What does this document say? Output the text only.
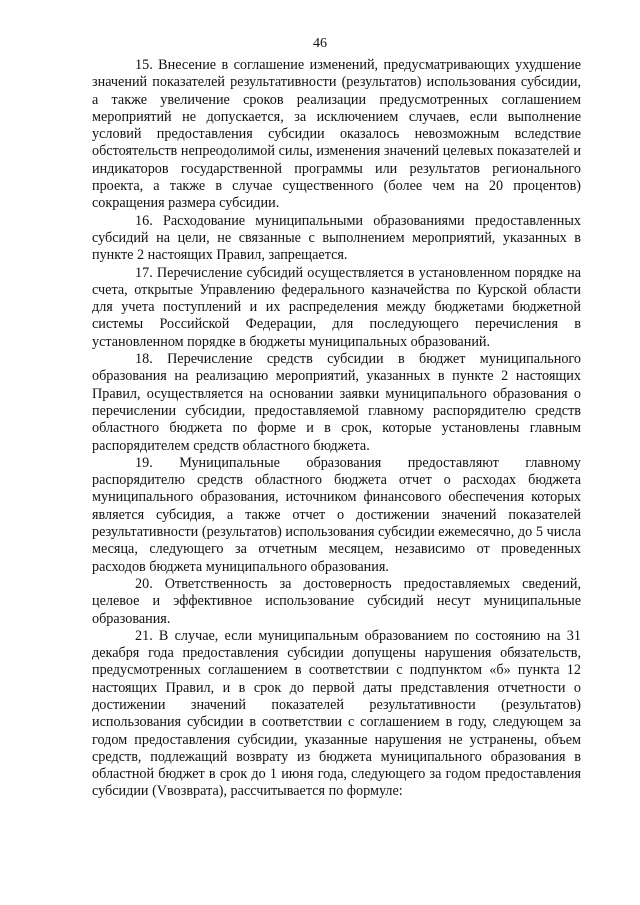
46

15. Внесение в соглашение изменений, предусматривающих ухудшение значений показателей результативности (результатов) использования субсидии, а также увеличение сроков реализации предусмотренных соглашением мероприятий не допускается, за исключением случаев, если выполнение условий предоставления субсидии оказалось невозможным вследствие обстоятельств непреодолимой силы, изменения значений целевых показателей и индикаторов государственной программы или результатов регионального проекта, а также в случае существенного (более чем на 20 процентов) сокращения размера субсидии.

16. Расходование муниципальными образованиями предоставленных субсидий на цели, не связанные с выполнением мероприятий, указанных в пункте 2 настоящих Правил, запрещается.

17. Перечисление субсидий осуществляется в установленном порядке на счета, открытые Управлению федерального казначейства по Курской области для учета поступлений и их распределения между бюджетами бюджетной системы Российской Федерации, для последующего перечисления в установленном порядке в бюджеты муниципальных образований.

18. Перечисление средств субсидии в бюджет муниципального образования на реализацию мероприятий, указанных в пункте 2 настоящих Правил, осуществляется на основании заявки муниципального образования о перечислении субсидии, предоставляемой главному распорядителю средств областного бюджета по форме и в срок, которые установлены главным распорядителем средств областного бюджета.

19. Муниципальные образования предоставляют главному распорядителю средств областного бюджета отчет о расходах бюджета муниципального образования, источником финансового обеспечения которых является субсидия, а также отчет о достижении значений показателей результативности (результатов) использования субсидии ежемесячно, до 5 числа месяца, следующего за отчетным месяцем, независимо от проведенных расходов бюджета муниципального образования.

20. Ответственность за достоверность предоставляемых сведений, целевое и эффективное использование субсидий несут муниципальные образования.

21. В случае, если муниципальным образованием по состоянию на 31 декабря года предоставления субсидии допущены нарушения обязательств, предусмотренных соглашением в соответствии с подпунктом «б» пункта 12 настоящих Правил, и в срок до первой даты представления отчетности о достижении значений показателей результативности (результатов) использования субсидии в соответствии с соглашением в году, следующем за годом предоставления субсидии, указанные нарушения не устранены, объем средств, подлежащий возврату из бюджета муниципального образования в областной бюджет в срок до 1 июня года, следующего за годом предоставления субсидии (Vвозврата), рассчитывается по формуле:
